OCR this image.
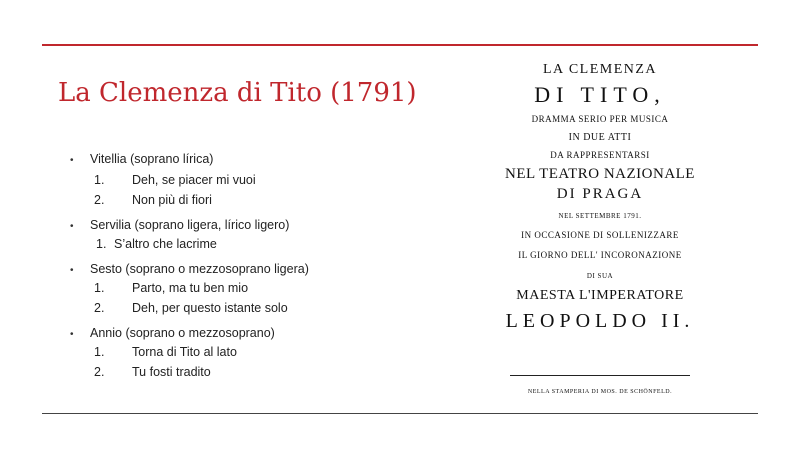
La Clemenza di Tito (1791)
•	Vitellia (soprano lírica)
1.	Deh, se piacer mi vuoi
2.	Non più di fiori
•	Servilia (soprano ligera, lírico ligero)
1. S’altro che lacrime
•	Sesto (soprano o mezzosoprano ligera)
1.	Parto, ma tu ben mio
2.	Deh, per questo istante solo
•	Annio (soprano o mezzosoprano)
1.	Torna di Tito al lato
2.	Tu fosti tradito
LA CLEMENZA
DI TITO,
DRAMMA SERIO PER MUSICA
IN DUE ATTI
DA RAPPRESENTARSI
NEL TEATRO NAZIONALE
DI PRAGA
NEL SETTEMBRE 1791.
IN OCCASIONE DI SOLLENIZZARE
IL GIORNO DELL' INCORONAZIONE
DI SUA
MAESTA L'IMPERATORE
LEOPOLDO II.
NELLA STAMPERIA DI MOS. DE SCHÖNFELD.
